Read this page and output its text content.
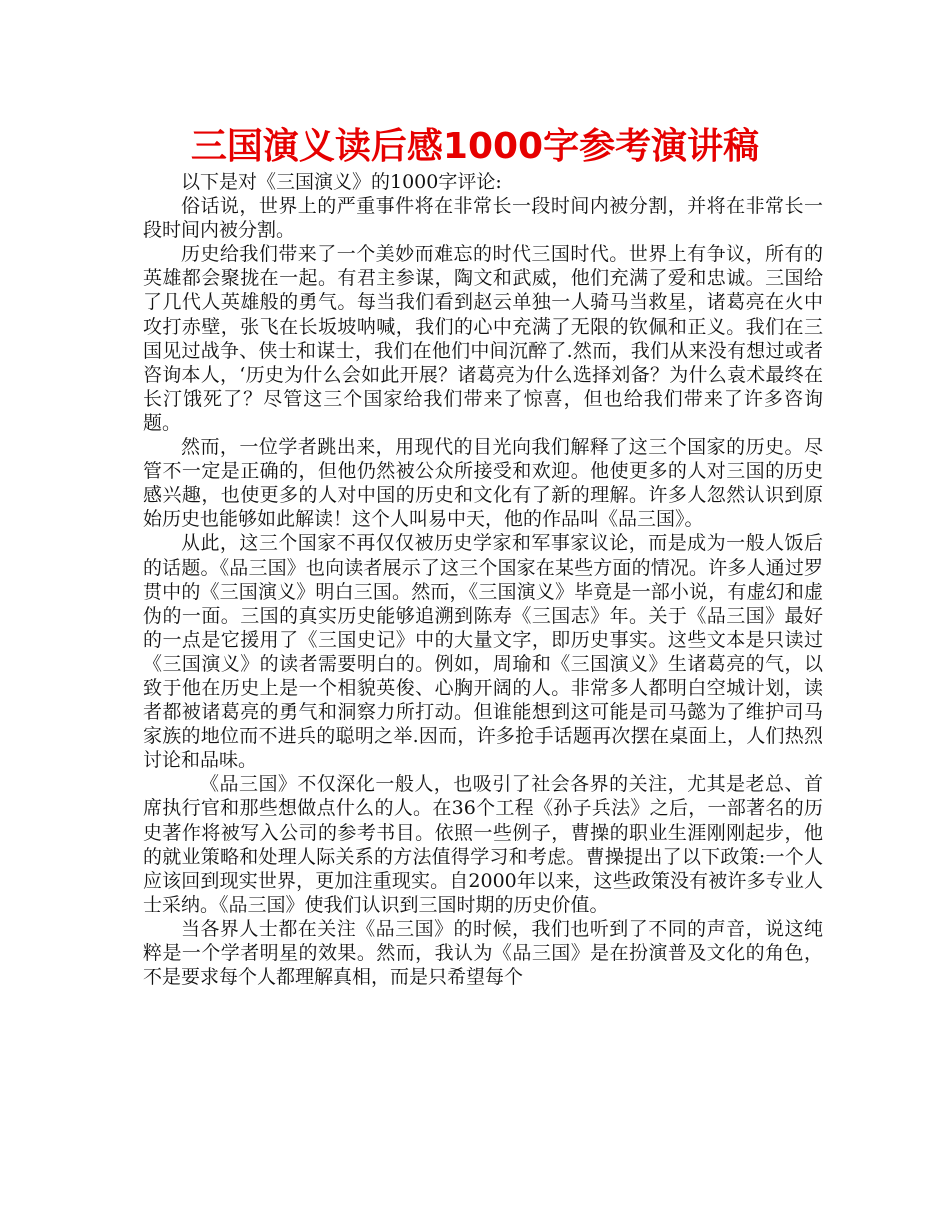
三国演义读后感1000字参考演讲稿

以下是对《三国演义》的1000字评论:

俗话说，世界上的严重事件将在非常长一段时间内被分割，并将在非常长一段时间内被分割。

历史给我们带来了一个美妙而难忘的时代三国时代。世界上有争议，所有的英雄都会聚拢在一起。有君主参谋，陶文和武威，他们充满了爱和忠诚。三国给了几代人英雄般的勇气。每当我们看到赵云单独一人骑马当救星，诸葛亮在火中攻打赤壁，张飞在长坂坡呐喊，我们的心中充满了无限的钦佩和正义。我们在三国见过战争、侠士和谋士，我们在他们中间沉醉了.然而，我们从来没有想过或者咨询本人，‘历史为什么会如此开展？诸葛亮为什么选择刘备？为什么袁术最终在长汀饿死了？尽管这三个国家给我们带来了惊喜，但也给我们带来了许多咨询题。

然而，一位学者跳出来，用现代的目光向我们解释了这三个国家的历史。尽管不一定是正确的，但他仍然被公众所接受和欢迎。他使更多的人对三国的历史感兴趣，也使更多的人对中国的历史和文化有了新的理解。许多人忽然认识到原始历史也能够如此解读！这个人叫易中天，他的作品叫《品三国》。

从此，这三个国家不再仅仅被历史学家和军事家议论，而是成为一般人饭后的话题。《品三国》也向读者展示了这三个国家在某些方面的情况。许多人通过罗贯中的《三国演义》明白三国。然而，《三国演义》毕竟是一部小说，有虚幻和虚伪的一面。三国的真实历史能够追溯到陈寿《三国志》年。关于《品三国》最好的一点是它援用了《三国史记》中的大量文字，即历史事实。这些文本是只读过《三国演义》的读者需要明白的。例如，周瑜和《三国演义》生诸葛亮的气，以致于他在历史上是一个相貌英俊、心胸开阔的人。非常多人都明白空城计划，读者都被诸葛亮的勇气和洞察力所打动。但谁能想到这可能是司马懿为了维护司马家族的地位而不进兵的聪明之举.因而，许多抢手话题再次摆在桌面上，人们热烈讨论和品味。

《品三国》不仅深化一般人，也吸引了社会各界的关注，尤其是老总、首席执行官和那些想做点什么的人。在36个工程《孙子兵法》之后，一部著名的历史著作将被写入公司的参考书目。依照一些例子，曹操的职业生涯刚刚起步，他的就业策略和处理人际关系的方法值得学习和考虑。曹操提出了以下政策:一个人应该回到现实世界，更加注重现实。自2000年以来，这些政策没有被许多专业人士采纳。《品三国》使我们认识到三国时期的历史价值。

当各界人士都在关注《品三国》的时候，我们也听到了不同的声音，说这纯粹是一个学者明星的效果。然而，我认为《品三国》是在扮演普及文化的角色，不是要求每个人都理解真相，而是只希望每个
